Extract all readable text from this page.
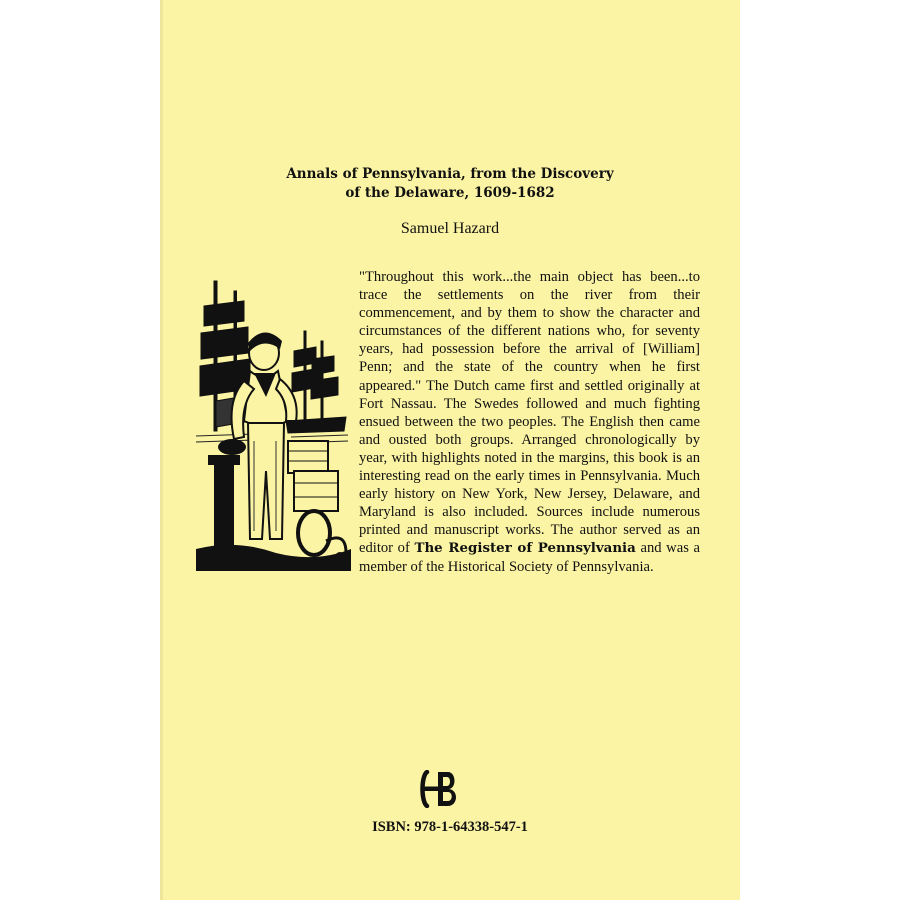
Annals of Pennsylvania, from the Discovery
of the Delaware, 1609-1682
Samuel Hazard
"Throughout this work...the main object has been...to trace the settlements on the river from their commencement, and by them to show the character and circumstances of the different nations who, for seventy years, had possession before the arrival of [William] Penn; and the state of the country when he first appeared." The Dutch came first and settled originally at Fort Nassau. The Swedes followed and much fighting ensued between the two peoples. The English then came and ousted both groups. Arranged chronologically by year, with highlights noted in the margins, this book is an interesting read on the early times in Pennsylvania. Much early history on New York, New Jersey, Delaware, and Maryland is also included. Sources include numerous printed and manuscript works. The author served as an editor of The Register of Pennsylvania and was a member of the Historical Society of Pennsylvania.
ISBN: 978-1-64338-547-1
